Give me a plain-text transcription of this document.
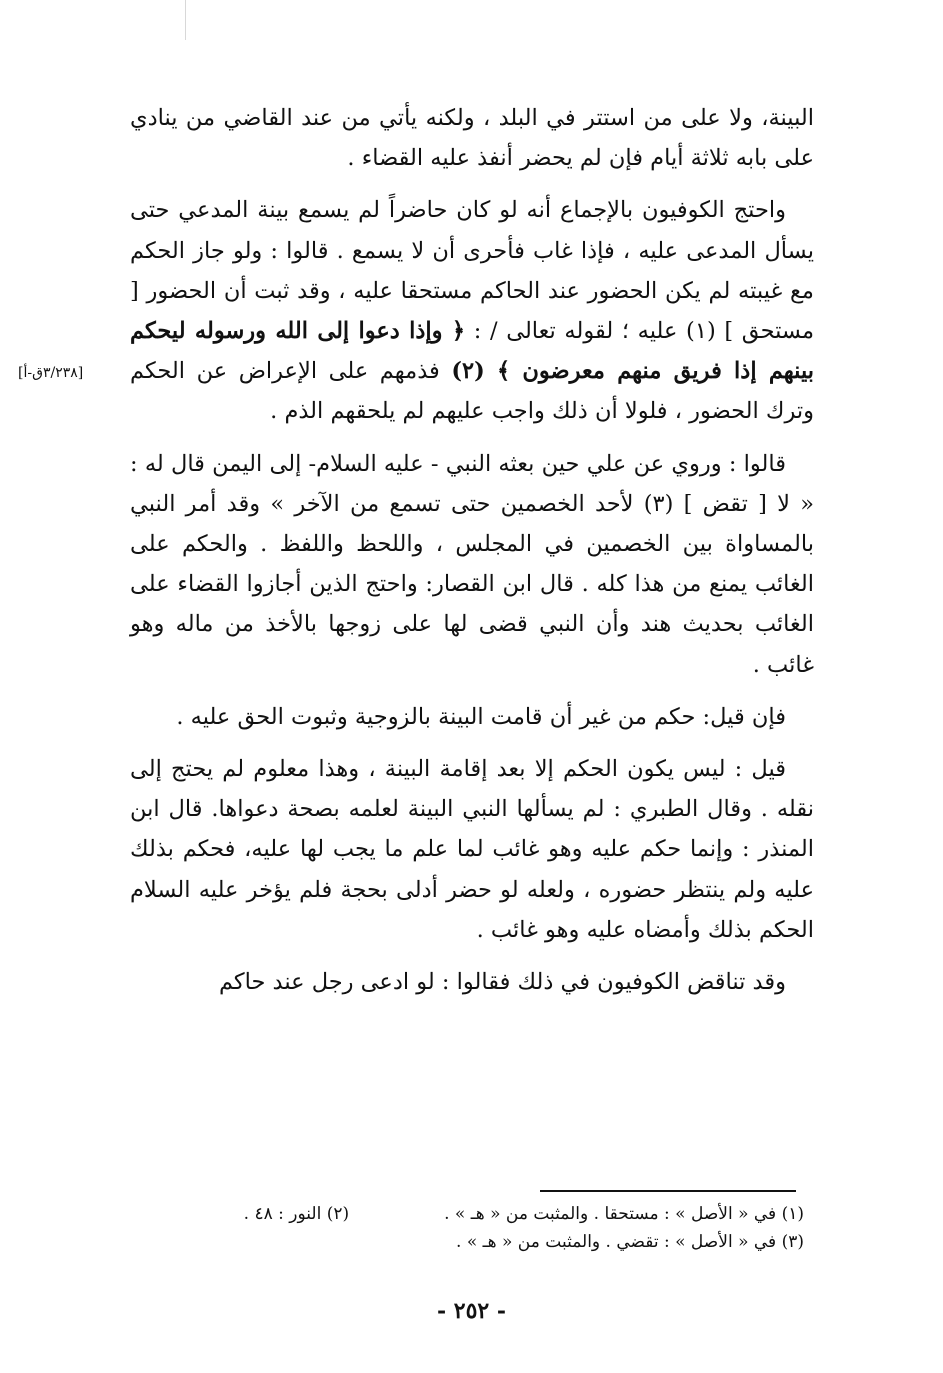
[٣/٢٣٨ق-أ]

البينة، ولا على من استتر في البلد ، ولكنه يأتي من عند القاضي من ينادي على بابه ثلاثة أيام فإن لم يحضر أنفذ عليه القضاء .

واحتج الكوفيون بالإجماع أنه لو كان حاضراً لم يسمع بينة المدعي حتى يسأل المدعى عليه ، فإذا غاب فأحرى أن لا يسمع . قالوا : ولو جاز الحكم مع غيبته لم يكن الحضور عند الحاكم مستحقا عليه ، وقد ثبت أن الحضور [ مستحق ] (١) عليه ؛ لقوله تعالى / : ﴿ وإذا دعوا إلى الله ورسوله ليحكم بينهم إذا فريق منهم معرضون ﴾ (٢) فذمهم على الإعراض عن الحكم وترك الحضور ، فلولا أن ذلك واجب عليهم لم يلحقهم الذم .

قالوا : وروي عن علي حين بعثه النبي - عليه السلام- إلى اليمن قال له : « لا [ تقض ] (٣) لأحد الخصمين حتى تسمع من الآخر » وقد أمر النبي بالمساواة بين الخصمين في المجلس ، واللحظ واللفظ . والحكم على الغائب يمنع من هذا كله . قال ابن القصار: واحتج الذين أجازوا القضاء على الغائب بحديث هند وأن النبي قضى لها على زوجها بالأخذ من ماله وهو غائب .

فإن قيل: حكم من غير أن قامت البينة بالزوجية وثبوت الحق عليه .

قيل : ليس يكون الحكم إلا بعد إقامة البينة ، وهذا معلوم لم يحتج إلى نقله . وقال الطبري : لم يسألها النبي البينة لعلمه بصحة دعواها. قال ابن المنذر : وإنما حكم عليه وهو غائب لما علم ما يجب لها عليه، فحكم بذلك عليه ولم ينتظر حضوره ، ولعله لو حضر أدلى بحجة فلم يؤخر عليه السلام الحكم بذلك وأمضاه عليه وهو غائب .

وقد تناقض الكوفيون في ذلك فقالوا : لو ادعى رجل عند حاكم

(١) في « الأصل » : مستحقا . والمثبت من « هـ » .
(٢) النور : ٤٨ .
(٣) في « الأصل » : تقضي . والمثبت من « هـ » .
- ٢٥٢ -
